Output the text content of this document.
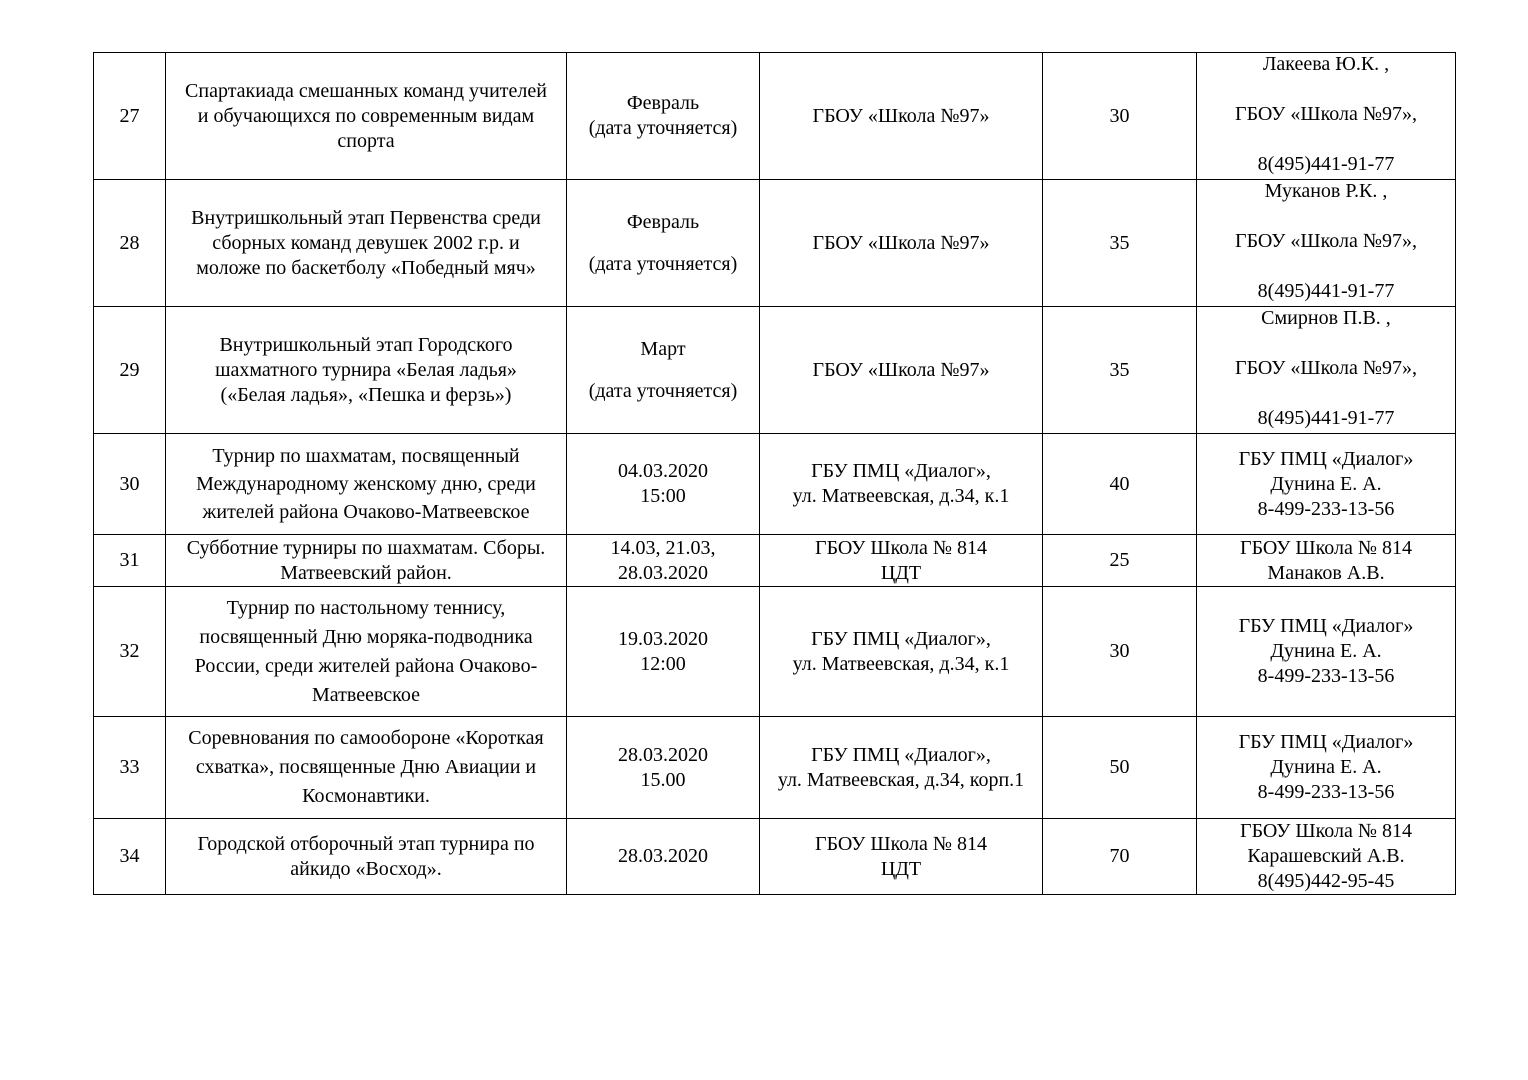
27	Спартакиада смешанных команд учителей
и обучающихся по современным видам
спорта	Февраль
(дата уточняется)	ГБОУ «Школа №97»	30	Лакеева Ю.К. ,
ГБОУ «Школа №97»,
8(495)441-91-77

28	Внутришкольный этап Первенства среди
сборных команд девушек 2002 г.р. и
моложе по баскетболу «Победный мяч»	Февраль
(дата уточняется)	ГБОУ «Школа №97»	35	Муканов Р.К. ,
ГБОУ «Школа №97»,
8(495)441-91-77

29	Внутришкольный этап Городского
шахматного турнира «Белая ладья»
(«Белая ладья», «Пешка и ферзь»)	Март
(дата уточняется)	ГБОУ «Школа №97»	35	Смирнов П.В. ,
ГБОУ «Школа №97»,
8(495)441-91-77

30	Турнир по шахматам, посвященный
Международному женскому дню, среди
жителей района Очаково-Матвеевское	04.03.2020
15:00	ГБУ ПМЦ «Диалог»,
ул. Матвеевская, д.34, к.1	40	ГБУ ПМЦ «Диалог»
Дунина Е. А.
8-499-233-13-56

31	Субботние турниры по шахматам. Сборы.
Матвеевский район.	14.03, 21.03,
28.03.2020	ГБОУ Школа № 814
ЦДТ	25	ГБОУ Школа № 814
Манаков А.В.

32	Турнир по настольному теннису,
посвященный Дню моряка-подводника
России, среди жителей района Очаково-
Матвеевское	19.03.2020
12:00	ГБУ ПМЦ «Диалог»,
ул. Матвеевская, д.34, к.1	30	ГБУ ПМЦ «Диалог»
Дунина Е. А.
8-499-233-13-56

33	Соревнования по самообороне «Короткая
схватка», посвященные Дню Авиации и
Космонавтики.	28.03.2020
15.00	ГБУ ПМЦ «Диалог»,
ул. Матвеевская, д.34, корп.1	50	ГБУ ПМЦ «Диалог»
Дунина Е. А.
8-499-233-13-56

34	Городской отборочный этап турнира по
айкидо «Восход».	28.03.2020	ГБОУ Школа № 814
ЦДТ	70	ГБОУ Школа № 814
Карашевский А.В.
8(495)442-95-45
